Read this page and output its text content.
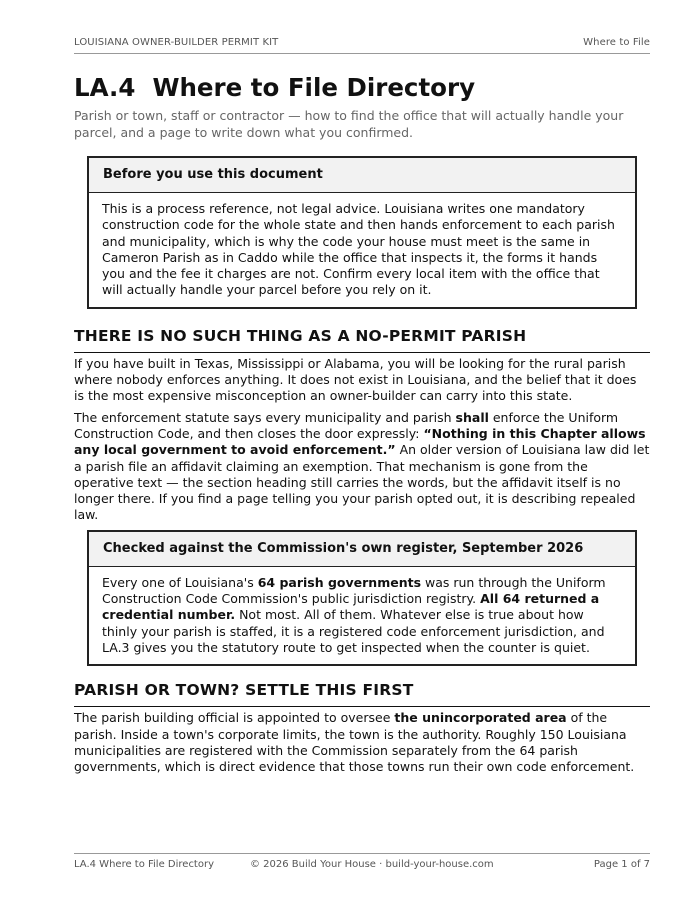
LOUISIANA OWNER-BUILDER PERMIT KIT	Where to File
LA.4  Where to File Directory
Parish or town, staff or contractor — how to find the office that will actually handle your parcel, and a page to write down what you confirmed.
Before you use this document
This is a process reference, not legal advice. Louisiana writes one mandatory construction code for the whole state and then hands enforcement to each parish and municipality, which is why the code your house must meet is the same in Cameron Parish as in Caddo while the office that inspects it, the forms it hands you and the fee it charges are not. Confirm every local item with the office that will actually handle your parcel before you rely on it.
THERE IS NO SUCH THING AS A NO-PERMIT PARISH

If you have built in Texas, Mississippi or Alabama, you will be looking for the rural parish where nobody enforces anything. It does not exist in Louisiana, and the belief that it does is the most expensive misconception an owner-builder can carry into this state.

The enforcement statute says every municipality and parish shall enforce the Uniform Construction Code, and then closes the door expressly: “Nothing in this Chapter allows any local government to avoid enforcement.” An older version of Louisiana law did let a parish file an affidavit claiming an exemption. That mechanism is gone from the operative text — the section heading still carries the words, but the affidavit itself is no longer there. If you find a page telling you your parish opted out, it is describing repealed law.

Checked against the Commission's own register, September 2026
Every one of Louisiana's 64 parish governments was run through the Uniform Construction Code Commission's public jurisdiction registry. All 64 returned a credential number. Not most. All of them. Whatever else is true about how thinly your parish is staffed, it is a registered code enforcement jurisdiction, and LA.3 gives you the statutory route to get inspected when the counter is quiet.
PARISH OR TOWN? SETTLE THIS FIRST

The parish building official is appointed to oversee the unincorporated area of the parish. Inside a town's corporate limits, the town is the authority. Roughly 150 Louisiana municipalities are registered with the Commission separately from the 64 parish governments, which is direct evidence that those towns run their own code enforcement.

LA.4 Where to File Directory	© 2026 Build Your House · build-your-house.com	Page 1 of 7
